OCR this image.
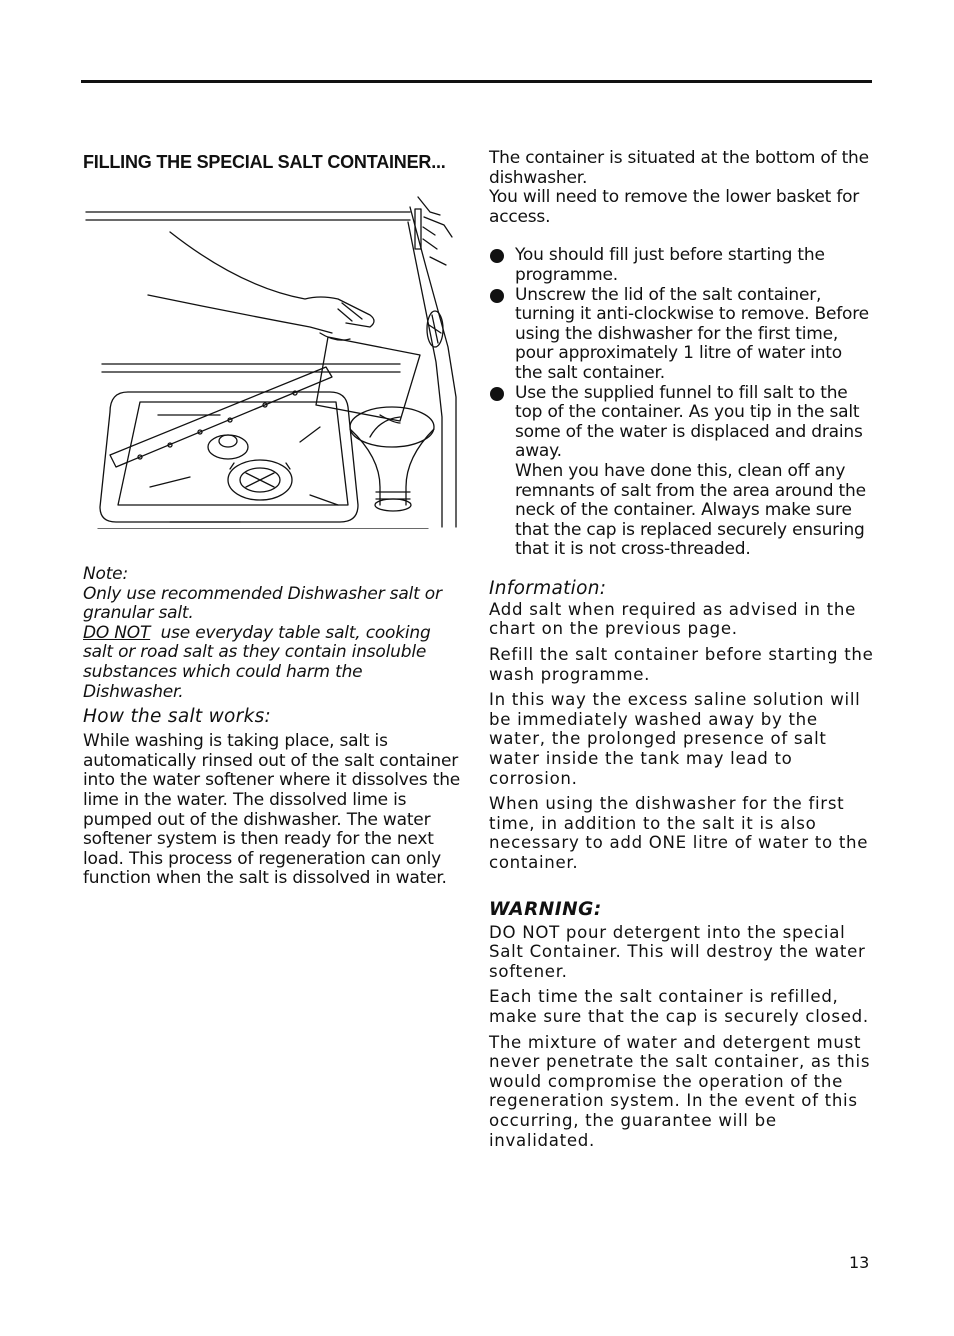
FILLING THE SPECIAL SALT CONTAINER...
Note:
Only use recommended Dishwasher salt or granular salt.
DO NOT  use everyday table salt, cooking salt or road salt as they contain insoluble substances which could harm the Dishwasher.
How the salt works:

While washing is taking place, salt is automatically rinsed out of the salt container into the water softener where it dissolves the lime in the water. The dissolved lime is pumped out of the dishwasher. The water softener system is then ready for the next load. This process of regeneration can only function when the salt is dissolved in water.

The container is situated at the bottom of the dishwasher.

You will need to remove the lower basket for access.

You should fill just before starting the programme.
Unscrew the lid of the salt container, turning it anti-clockwise to remove. Before using the dishwasher for the first time, pour approximately 1 litre of water into the salt container.
Use the supplied funnel to fill salt to the top of the container. As you tip in the salt some of the water is displaced and drains away.
When you have done this, clean off any remnants of salt from the area around the neck of the container. Always make sure that the cap is replaced securely ensuring that it is not cross-threaded.
Information:

Add salt when required as advised in the chart on the previous page.

Refill the salt container before starting the wash programme.

In this way the excess saline solution will be immediately washed away by the water, the prolonged presence of salt water inside the tank may lead to corrosion.

When using the dishwasher for the first time, in addition to the salt it is also necessary to add ONE litre of water to the container.

WARNING:

DO NOT pour detergent into the special Salt Container. This will destroy the water softener.

Each time the salt container is refilled, make sure that the cap is securely closed.

The mixture of water and detergent must never penetrate the salt container, as this would compromise the operation of the regeneration system. In the event of this occurring, the guarantee will be invalidated.

13
